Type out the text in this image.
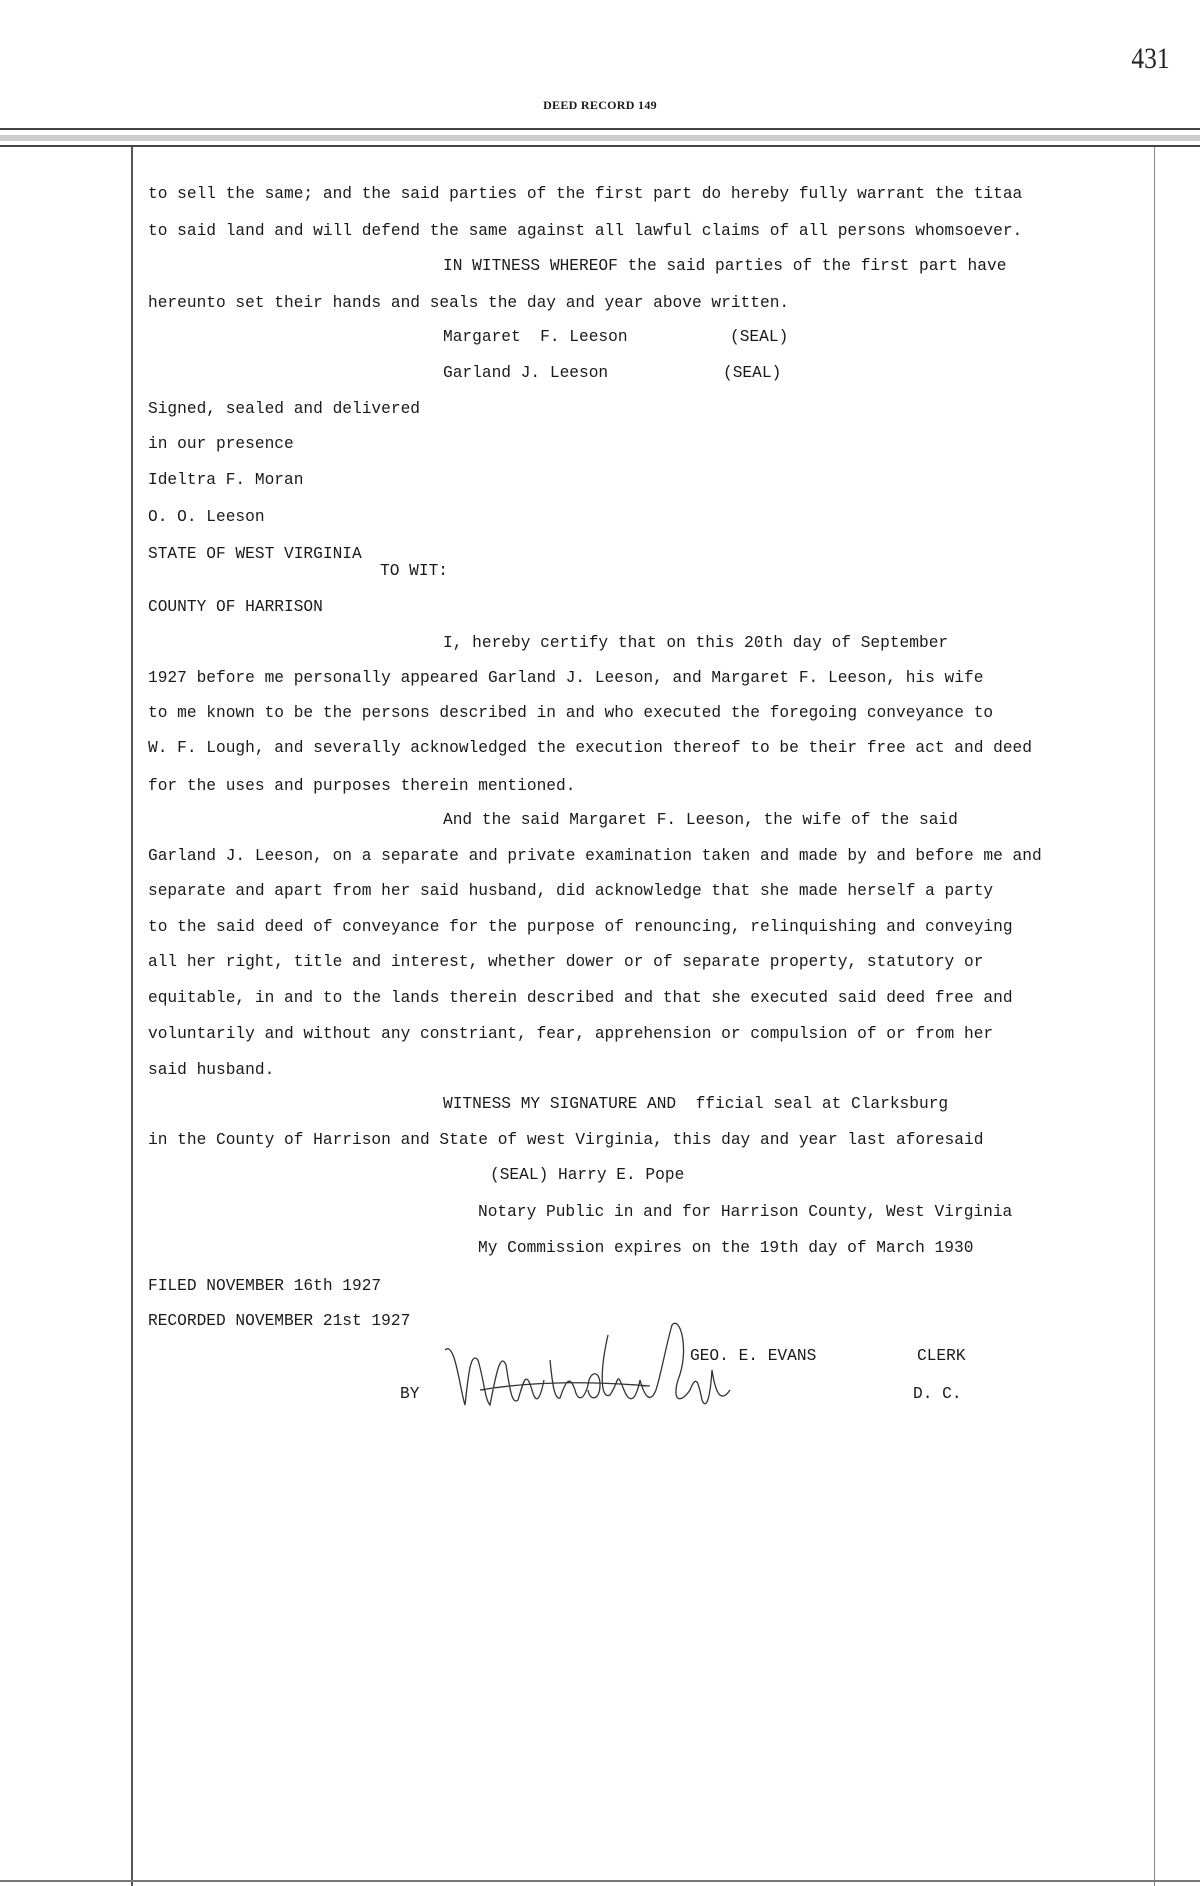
431
DEED RECORD 149
to sell the same; and the said parties of the first part do hereby fully warrant the titaa
to said land and will defend the same against all lawful claims of all persons whomsoever.
IN WITNESS WHEREOF the said parties of the first part have
hereunto set their hands and seals the day and year above written.
Margaret  F. Leeson	(SEAL)
Garland J. Leeson	(SEAL)
Signed, sealed and delivered
in our presence
Ideltra F. Moran
O. O. Leeson
STATE OF WEST VIRGINIA
TO WIT:
COUNTY OF HARRISON
I, hereby certify that on this 20th day of September
1927 before me personally appeared Garland J. Leeson, and Margaret F. Leeson, his wife
to me known to be the persons described in and who executed the foregoing conveyance to
W. F. Lough, and severally acknowledged the execution thereof to be their free act and deed
for the uses and purposes therein mentioned.
And the said Margaret F. Leeson, the wife of the said
Garland J. Leeson, on a separate and private examination taken and made by and before me and
separate and apart from her said husband, did acknowledge that she made herself a party
to the said deed of conveyance for the purpose of renouncing, relinquishing and conveying
all her right, title and interest, whether dower or of separate property, statutory or
equitable, in and to the lands therein described and that she executed said deed free and
voluntarily and without any constriant, fear, apprehension or compulsion of or from her
said husband.
WITNESS MY SIGNATURE AND  fficial seal at Clarksburg
in the County of Harrison and State of west Virginia, this day and year last aforesaid
(SEAL) Harry E. Pope
Notary Public in and for Harrison County, West Virginia
My Commission expires on the 19th day of March 1930
FILED NOVEMBER 16th 1927
RECORDED NOVEMBER 21st 1927
GEO. E. EVANS	CLERK
BY	D. C.
